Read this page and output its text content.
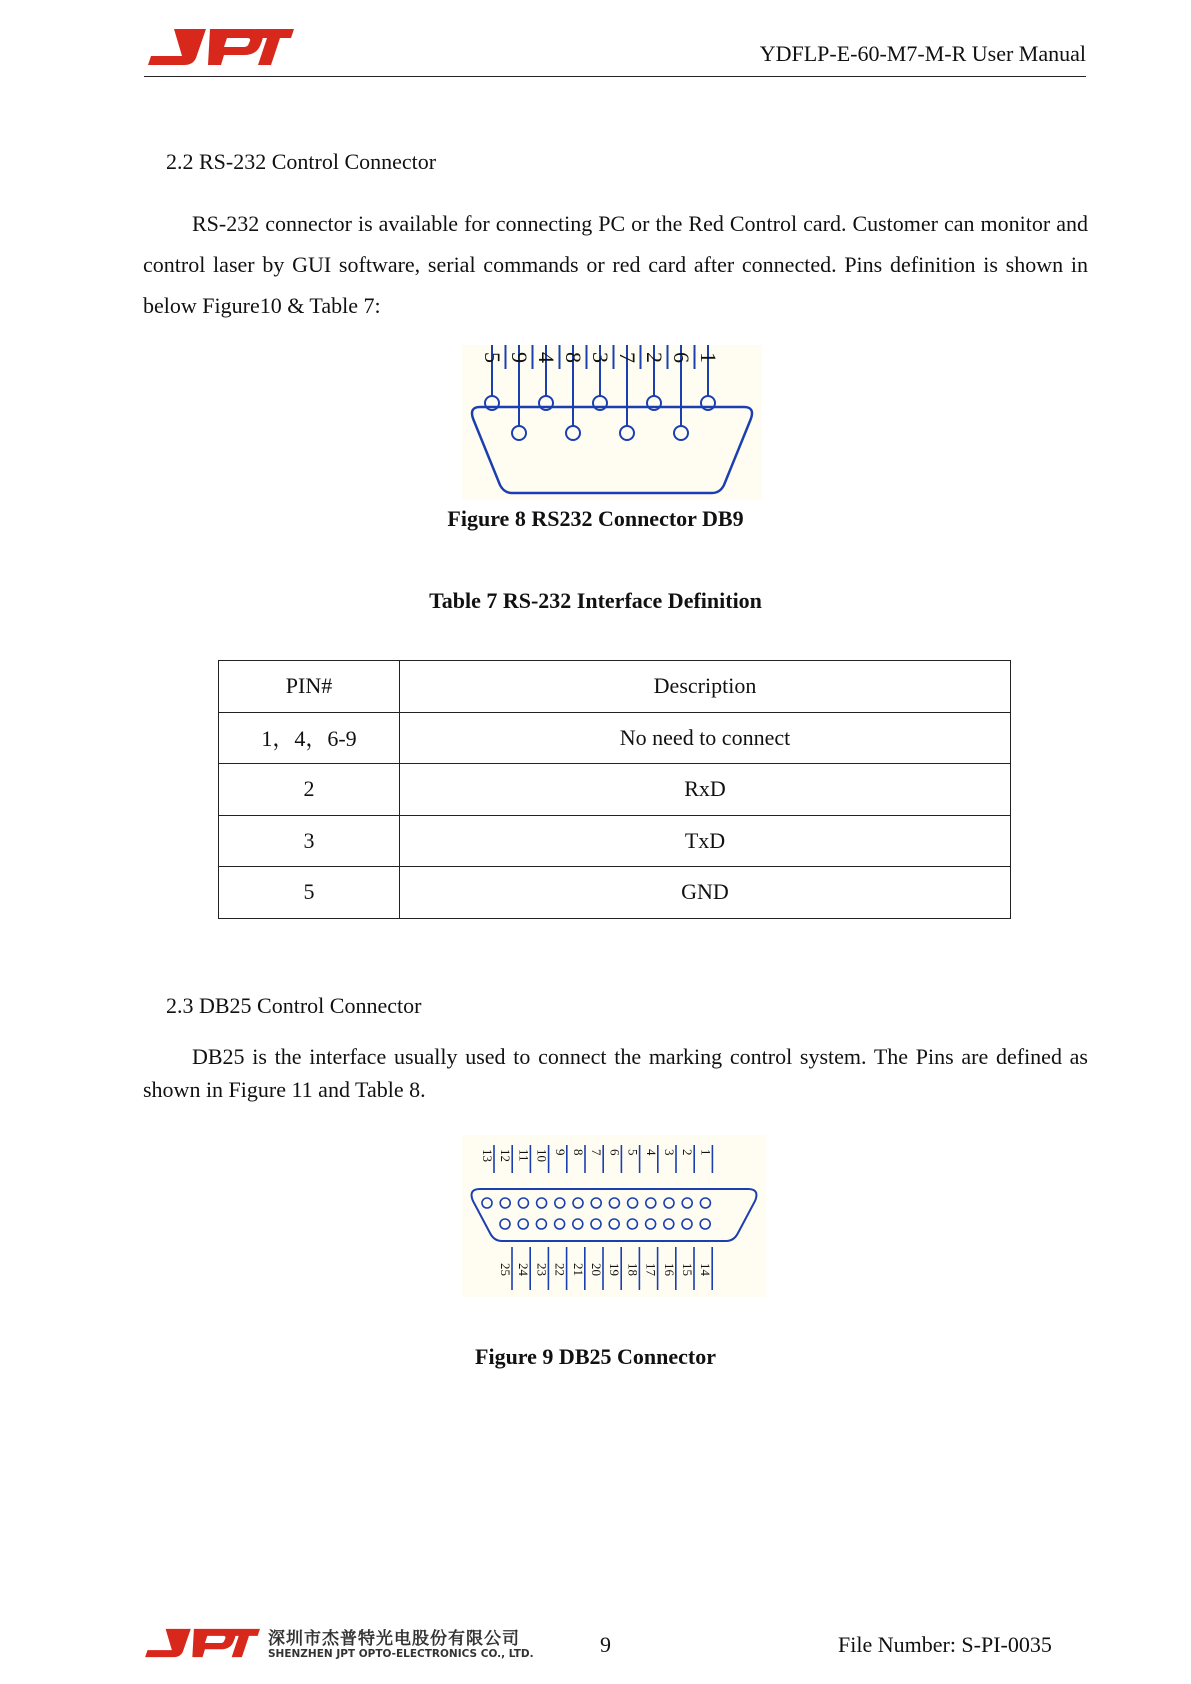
YDFLP-E-60-M7-M-R User Manual
2.2 RS-232 Control Connector

RS-232 connector is available for connecting PC or the Red Control card. Customer can monitor and control laser by GUI software, serial commands or red card after connected. Pins definition is shown in below Figure10 & Table 7:

5 9 4 8 3 7 2 6 1
Figure 8 RS232 Connector DB9
Table 7 RS-232 Interface Definition
PIN#	Description
1，4，6-9	No need to connect
2	RxD
3	TxD
5	GND
2.3 DB25 Control Connector

DB25 is the interface usually used to connect the marking control system. The Pins are defined as shown in Figure 11 and Table 8.

13 12 11 10 9 8 7 6 5 4 3 2 1
25 24 23 22 21 20 19 18 17 16 15 14
Figure 9 DB25 Connector
深圳市杰普特光电股份有限公司
SHENZHEN JPT OPTO-ELECTRONICS CO., LTD.	9	File Number: S-PI-0035
